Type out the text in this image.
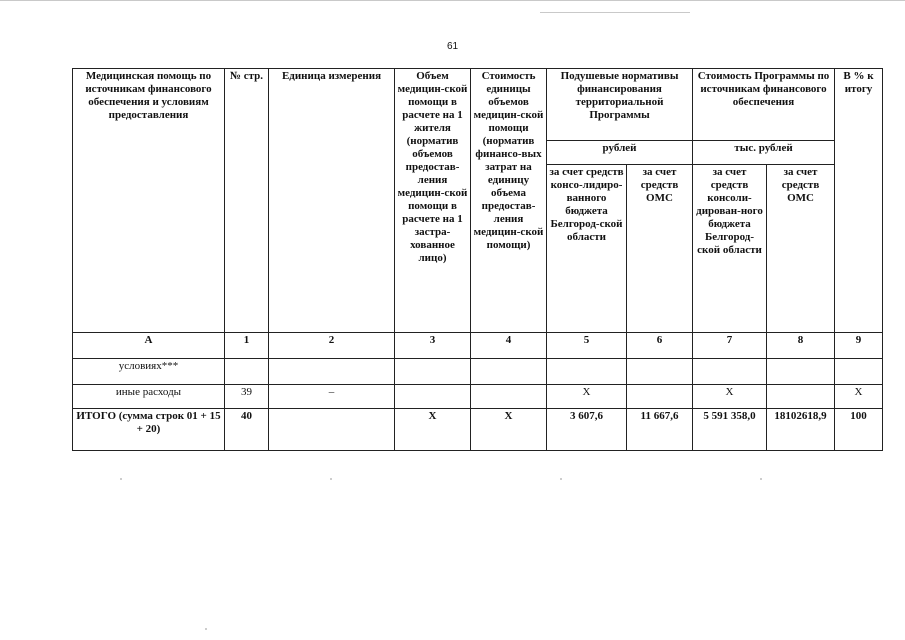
61
Медицинская помощь по источникам финансового обеспечения и условиям предоставления	№ стр.	Единица измерения	Объем медицин-ской помощи в расчете на 1 жителя (норматив объемов предостав-ления медицин-ской помощи в расчете на 1 застра-хованное лицо)	Стоимость единицы объемов медицин-ской помощи (норматив финансо-вых затрат на единицу объема предостав-ления медицин-ской помощи)	Подушевые нормативы финансирования территориальной Программы		Стоимость Программы по источникам финансового обеспечения		В % к итогу
					рублей		тыс. рублей		
					за счет средств консо-лидиро-ванного бюджета Белгород-ской области	за счет средств ОМС	за счет средств консоли-дирован-ного бюджета Белгород-ской области	за счет средств ОМС	
А	1	2	3	4	5	6	7	8	9
условиях***									
иные расходы	39	–			X		X		X
ИТОГО (сумма строк 01 + 15 + 20)	40		X	X	3 607,6	11 667,6	5 591 358,0	18102618,9	100
